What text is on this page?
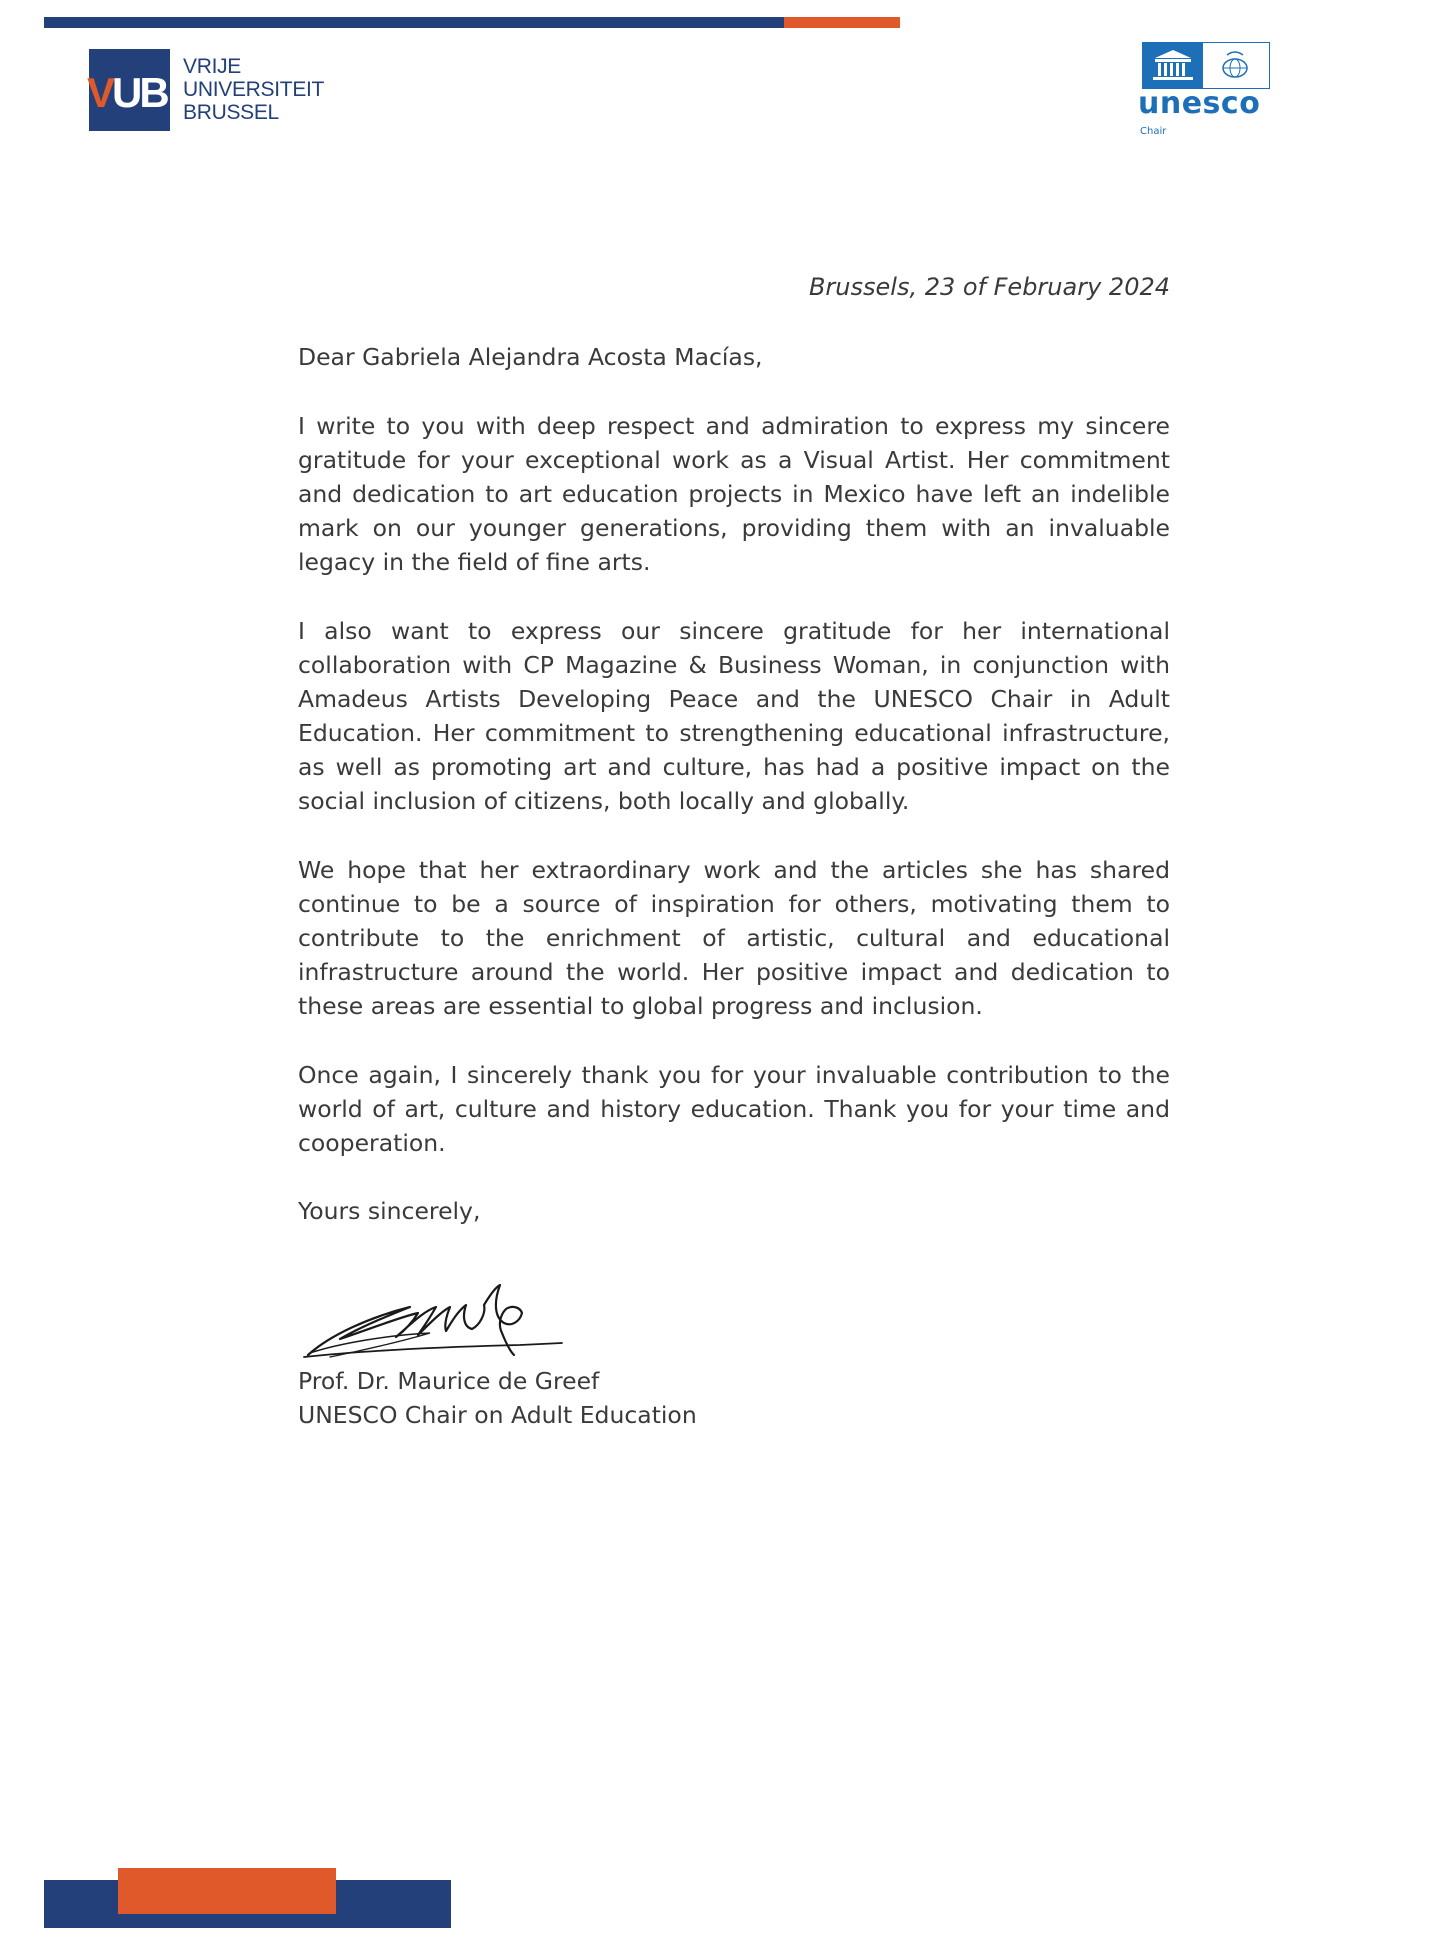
VUB
VRIJE
UNIVERSITEIT
BRUSSEL	unesco
Chair
Brussels, 23 of February 2024
Dear Gabriela Alejandra Acosta Macías,

I write to you with deep respect and admiration to express my sincere gratitude for your exceptional work as a Visual Artist. Her commitment and dedication to art education projects in Mexico have left an indelible mark on our younger generations, providing them with an invaluable legacy in the field of fine arts.

I also want to express our sincere gratitude for her international collaboration with CP Magazine & Business Woman, in conjunction with Amadeus Artists Developing Peace and the UNESCO Chair in Adult Education. Her commitment to strengthening educational infrastructure, as well as promoting art and culture, has had a positive impact on the social inclusion of citizens, both locally and globally.

We hope that her extraordinary work and the articles she has shared continue to be a source of inspiration for others, motivating them to contribute to the enrichment of artistic, cultural and educational infrastructure around the world. Her positive impact and dedication to these areas are essential to global progress and inclusion.

Once again, I sincerely thank you for your invaluable contribution to the world of art, culture and history education. Thank you for your time and cooperation.

Yours sincerely,
Prof. Dr. Maurice de Greef
UNESCO Chair on Adult Education
